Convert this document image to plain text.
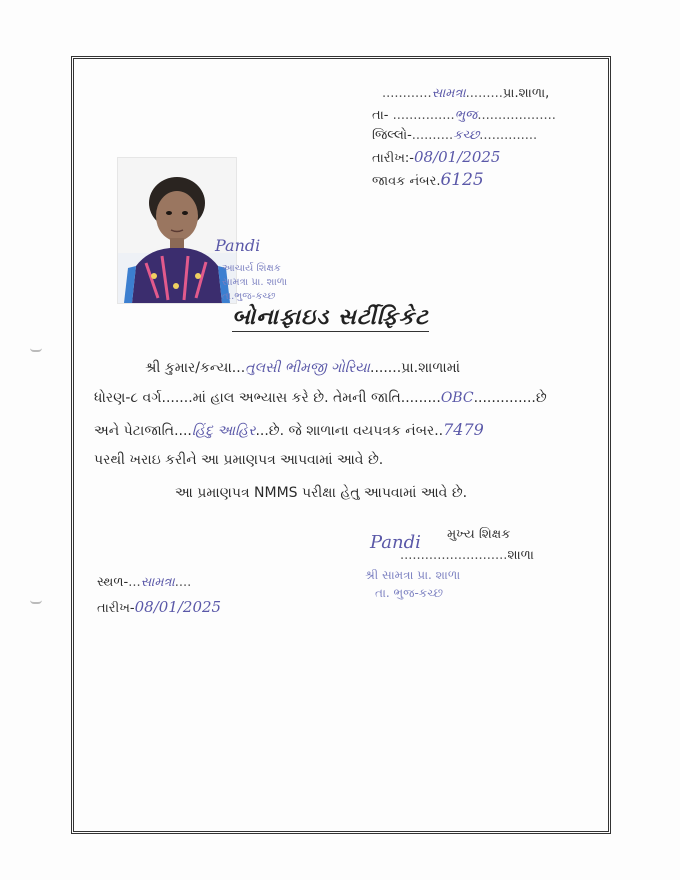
............સામત્રા.........પ્રા.શાળા,
તા- ...............ભુજ...................
જિલ્લો-..........કચ્છ..............
તારીખ:-08/01/2025
જાવક નંબર.6125
Pandi
આચાર્ય શિક્ષક
સામત્રા પ્રા. શાળા
તા.ભુજ-કચ્છ
બોનાફાઇડ સર્ટીફિકેટ
શ્રી કુમાર/કન્યા...તુલસી ભીમજી ગોરિયા.......પ્રા.શાળામાં
ધોરણ-૮ વર્ગ.......માં હાલ અભ્યાસ કરે છે. તેમની જાતિ.........OBC..............છે
અને પેટાજાતિ....હિંદુ આહિર...છે. જે શાળાના વયપત્રક નંબર..7479
પરથી ખરાઇ કરીને આ પ્રમાણપત્ર આપવામાં આવે છે.
આ પ્રમાણપત્ર NMMS પરીક્ષા હેતુ આપવામાં આવે છે.
મુખ્ય શિક્ષક
Pandi
..........................શાળા
શ્રી સામત્રા પ્રા. શાળા
તા. ભુજ-કચ્છ
સ્થળ-...સામત્રા....
તારીખ-08/01/2025
